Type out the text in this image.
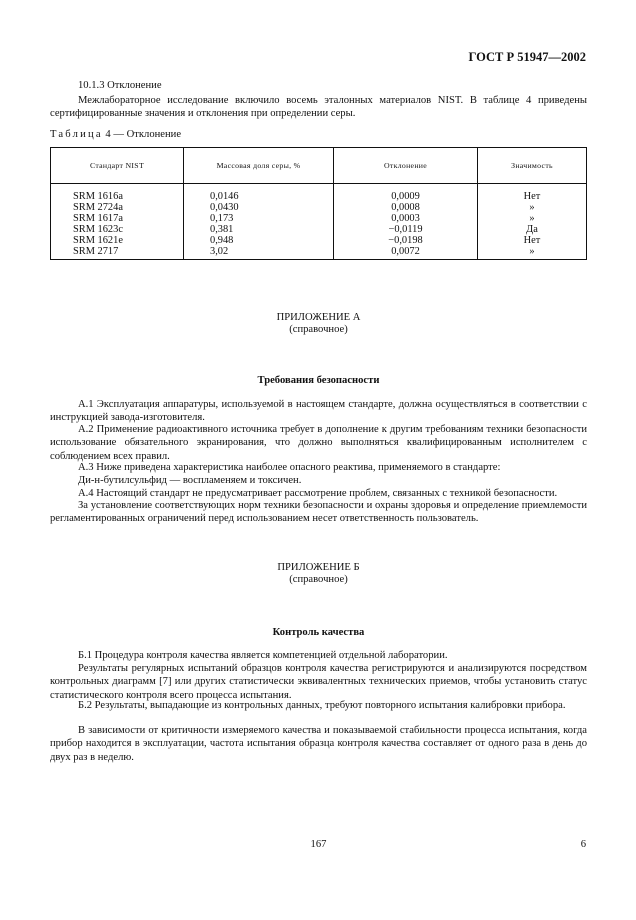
ГОСТ Р 51947—2002
10.1.3 Отклонение

Межлабораторное исследование включило восемь эталонных материалов NIST. В таблице 4 приведены сертифицированные значения и отклонения при определении серы.

Таблица 4 — Отклонение
Стандарт NIST	Массовая доля серы, %	Отклонение	Значимость
SRM 1616a	0,0146	0,0009	Нет
SRM 2724a	0,0430	0,0008	»
SRM 1617a	0,173	0,0003	»
SRM 1623c	0,381	−0,0119	Да
SRM 1621e	0,948	−0,0198	Нет
SRM 2717	3,02	0,0072	»
ПРИЛОЖЕНИЕ А
(справочное)
Требования безопасности

А.1 Эксплуатация аппаратуры, используемой в настоящем стандарте, должна осуществляться в соответствии с инструкцией завода-изготовителя.

А.2 Применение радиоактивного источника требует в дополнение к другим требованиям техники безопасности использование обязательного экранирования, что должно выполняться квалифицированным исполнителем с соблюдением всех правил.

А.3 Ниже приведена характеристика наиболее опасного реактива, применяемого в стандарте:

Ди-н-бутилсульфид — воспламеняем и токсичен.

А.4 Настоящий стандарт не предусматривает рассмотрение проблем, связанных с техникой безопасности.

За установление соответствующих норм техники безопасности и охраны здоровья и определение приемлемости регламентированных ограничений перед использованием несет ответственность пользователь.

ПРИЛОЖЕНИЕ Б
(справочное)
Контроль качества

Б.1 Процедура контроля качества является компетенцией отдельной лаборатории.

Результаты регулярных испытаний образцов контроля качества регистрируются и анализируются посредством контрольных диаграмм [7] или других статистически эквивалентных технических приемов, чтобы установить статус статистического контроля всего процесса испытания.

Б.2 Результаты, выпадающие из контрольных данных, требуют повторного испытания калибровки прибора.

В зависимости от критичности измеряемого качества и показываемой стабильности процесса испытания, когда прибор находится в эксплуатации, частота испытания образца контроля качества составляет от одного раза в день до двух раз в неделю.

167	6
